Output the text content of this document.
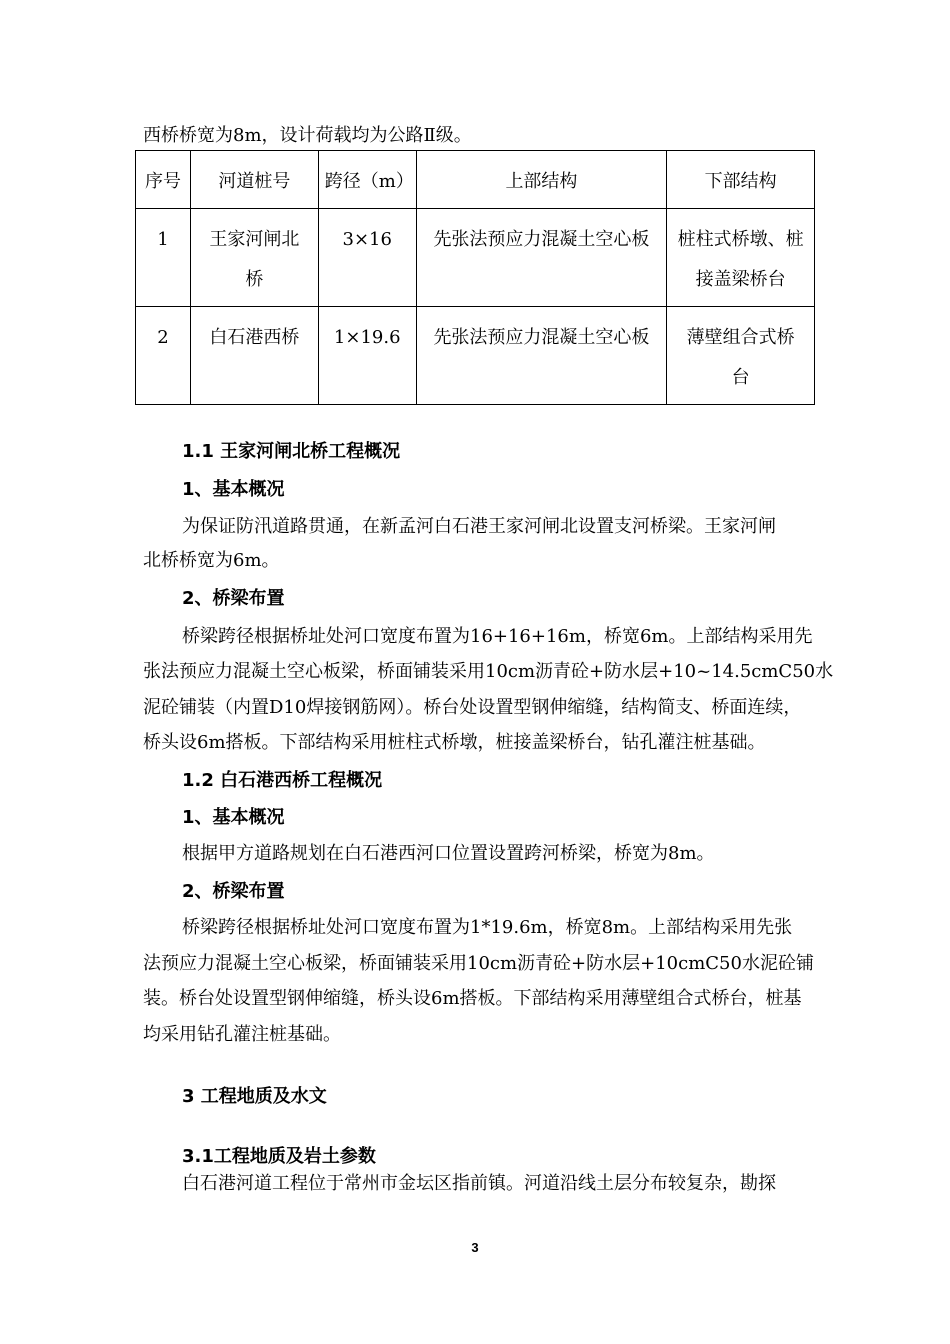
西桥桥宽为8m，设计荷载均为公路Ⅱ级。
序号	河道桩号	跨径（m）	上部结构	下部结构
1	王家河闸北桥	3×16	先张法预应力混凝土空心板	桩柱式桥墩、桩接盖梁桥台
2	白石港西桥	1×19.6	先张法预应力混凝土空心板	薄壁组合式桥台
1.1 王家河闸北桥工程概况
1、基本概况
为保证防汛道路贯通，在新孟河白石港王家河闸北设置支河桥梁。王家河闸
北桥桥宽为6m。
2、桥梁布置
桥梁跨径根据桥址处河口宽度布置为16+16+16m，桥宽6m。上部结构采用先
张法预应力混凝土空心板梁，桥面铺装采用10cm沥青砼+防水层+10~14.5cmC50水
泥砼铺装（内置D10焊接钢筋网）。桥台处设置型钢伸缩缝，结构简支、桥面连续，
桥头设6m搭板。下部结构采用桩柱式桥墩，桩接盖梁桥台，钻孔灌注桩基础。
1.2 白石港西桥工程概况
1、基本概况
根据甲方道路规划在白石港西河口位置设置跨河桥梁，桥宽为8m。
2、桥梁布置
桥梁跨径根据桥址处河口宽度布置为1*19.6m，桥宽8m。上部结构采用先张
法预应力混凝土空心板梁，桥面铺装采用10cm沥青砼+防水层+10cmC50水泥砼铺
装。桥台处设置型钢伸缩缝，桥头设6m搭板。下部结构采用薄壁组合式桥台，桩基
均采用钻孔灌注桩基础。
3 工程地质及水文
3.1工程地质及岩土参数
白石港河道工程位于常州市金坛区指前镇。河道沿线土层分布较复杂，勘探
3
